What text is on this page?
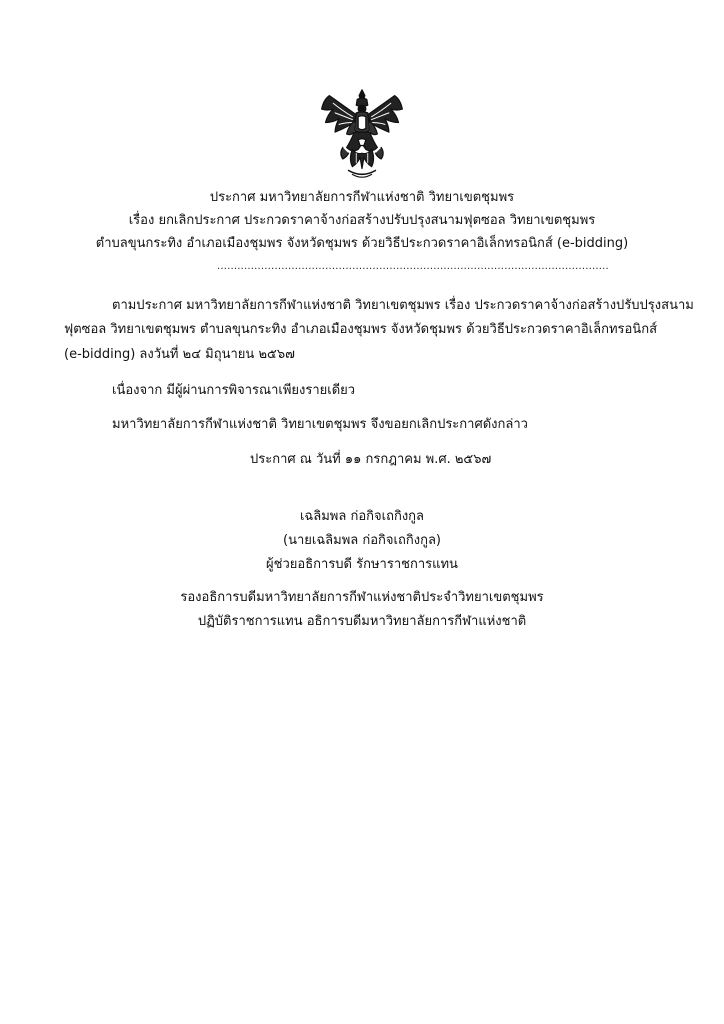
ประกาศ มหาวิทยาลัยการกีฬาแห่งชาติ วิทยาเขตชุมพร
เรื่อง ยกเลิกประกาศ ประกวดราคาจ้างก่อสร้างปรับปรุงสนามฟุตซอล วิทยาเขตชุมพร
ตำบลขุนกระทิง อำเภอเมืองชุมพร จังหวัดชุมพร ด้วยวิธีประกวดราคาอิเล็กทรอนิกส์ (e-bidding)
....................................................................................................................
ตามประกาศ มหาวิทยาลัยการกีฬาแห่งชาติ วิทยาเขตชุมพร เรื่อง ประกวดราคาจ้างก่อสร้างปรับปรุงสนาม
ฟุตซอล วิทยาเขตชุมพร ตำบลขุนกระทิง อำเภอเมืองชุมพร จังหวัดชุมพร ด้วยวิธีประกวดราคาอิเล็กทรอนิกส์
(e-bidding) ลงวันที่ ๒๔ มิถุนายน ๒๕๖๗
เนื่องจาก มีผู้ผ่านการพิจารณาเพียงรายเดียว
มหาวิทยาลัยการกีฬาแห่งชาติ วิทยาเขตชุมพร จึงขอยกเลิกประกาศดังกล่าว
ประกาศ ณ วันที่ ๑๑ กรกฎาคม พ.ศ. ๒๕๖๗
เฉลิมพล ก่อกิจเถกิงกูล
(นายเฉลิมพล ก่อกิจเถกิงกูล)
ผู้ช่วยอธิการบดี รักษาราชการแทน
รองอธิการบดีมหาวิทยาลัยการกีฬาแห่งชาติประจำวิทยาเขตชุมพร
ปฏิบัติราชการแทน อธิการบดีมหาวิทยาลัยการกีฬาแห่งชาติ
